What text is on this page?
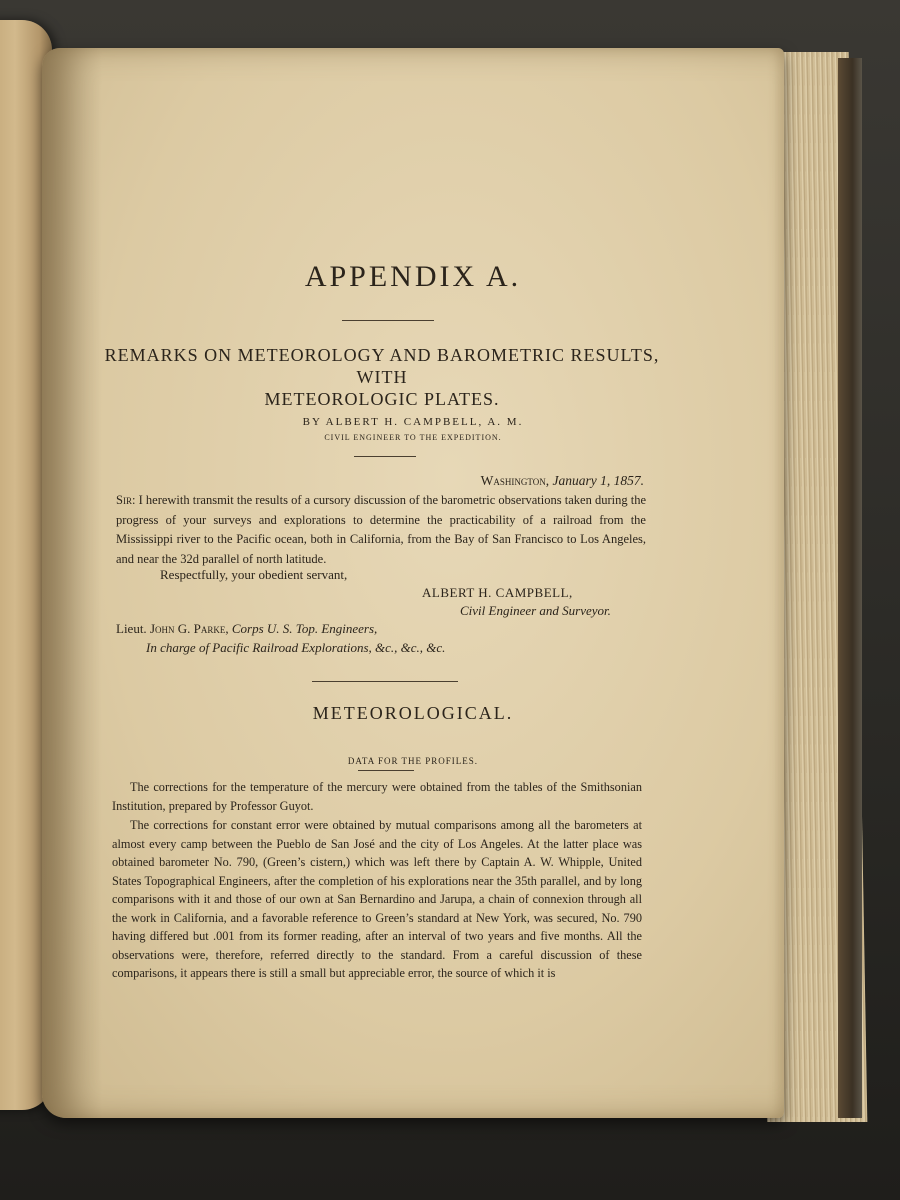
APPENDIX A.
REMARKS ON METEOROLOGY AND BAROMETRIC RESULTS, WITH
METEOROLOGIC PLATES.
BY ALBERT H. CAMPBELL, A. M.
CIVIL ENGINEER TO THE EXPEDITION.
Washington, January 1, 1857.
Sir: I herewith transmit the results of a cursory discussion of the barometric observations taken during the progress of your surveys and explorations to determine the practicability of a railroad from the Mississippi river to the Pacific ocean, both in California, from the Bay of San Francisco to Los Angeles, and near the 32d parallel of north latitude.
Respectfully, your obedient servant,
ALBERT H. CAMPBELL,
Civil Engineer and Surveyor.
Lieut. John G. Parke, Corps U. S. Top. Engineers,
In charge of Pacific Railroad Explorations, &c., &c., &c.
METEOROLOGICAL.
DATA FOR THE PROFILES.
The corrections for the temperature of the mercury were obtained from the tables of the Smithsonian Institution, prepared by Professor Guyot.
The corrections for constant error were obtained by mutual comparisons among all the barometers at almost every camp between the Pueblo de San José and the city of Los Angeles. At the latter place was obtained barometer No. 790, (Green’s cistern,) which was left there by Captain A. W. Whipple, United States Topographical Engineers, after the completion of his explorations near the 35th parallel, and by long comparisons with it and those of our own at San Bernardino and Jarupa, a chain of connexion through all the work in California, and a favorable reference to Green’s standard at New York, was secured, No. 790 having differed but .001 from its former reading, after an interval of two years and five months. All the observations were, therefore, referred directly to the standard. From a careful discussion of these comparisons, it appears there is still a small but appreciable error, the source of which it is
